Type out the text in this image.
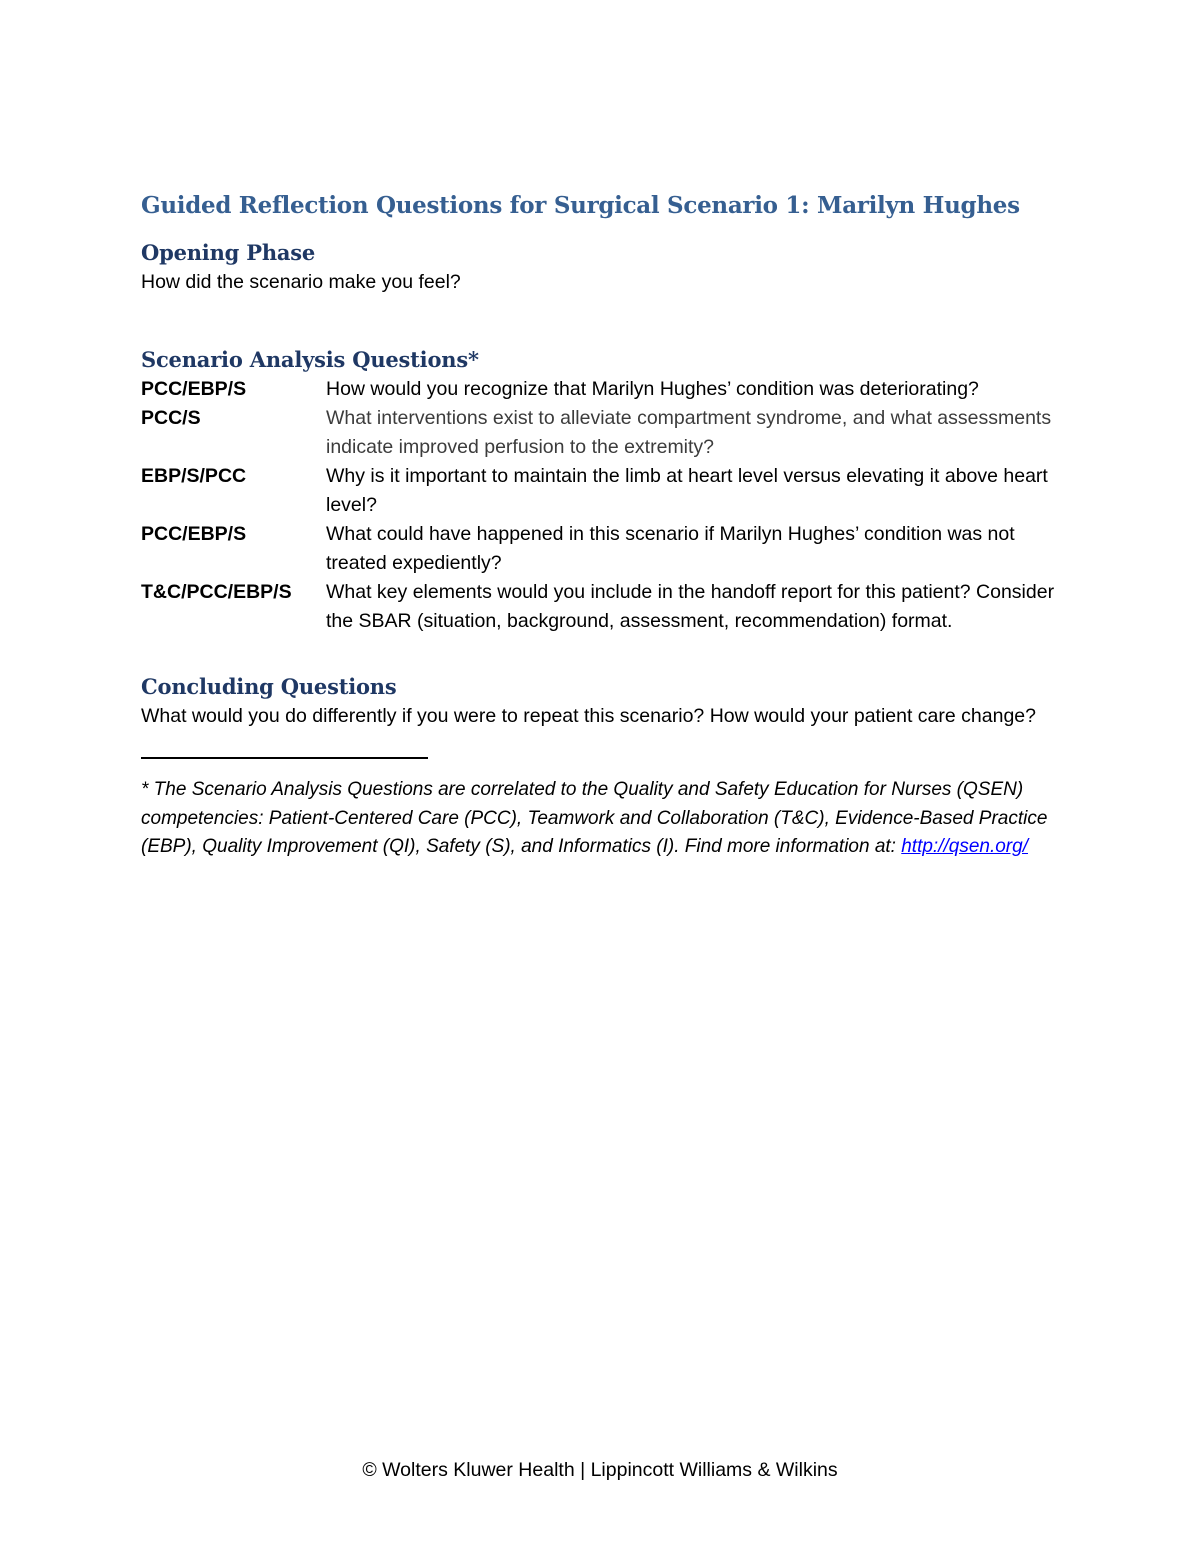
Guided Reflection Questions for Surgical Scenario 1: Marilyn Hughes
Opening Phase

How did the scenario make you feel?

Scenario Analysis Questions*
PCC/EBP/S	How would you recognize that Marilyn Hughes’ condition was deteriorating?
PCC/S	What interventions exist to alleviate compartment syndrome, and what assessments indicate improved perfusion to the extremity?
EBP/S/PCC	Why is it important to maintain the limb at heart level versus elevating it above heart level?
PCC/EBP/S	What could have happened in this scenario if Marilyn Hughes’ condition was not treated expediently?
T&C/PCC/EBP/S	What key elements would you include in the handoff report for this patient? Consider the SBAR (situation, background, assessment, recommendation) format.
Concluding Questions

What would you do differently if you were to repeat this scenario? How would your patient care change?

* The Scenario Analysis Questions are correlated to the Quality and Safety Education for Nurses (QSEN) competencies: Patient-Centered Care (PCC), Teamwork and Collaboration (T&C), Evidence-Based Practice (EBP), Quality Improvement (QI), Safety (S), and Informatics (I). Find more information at: http://qsen.org/

© Wolters Kluwer Health | Lippincott Williams & Wilkins
